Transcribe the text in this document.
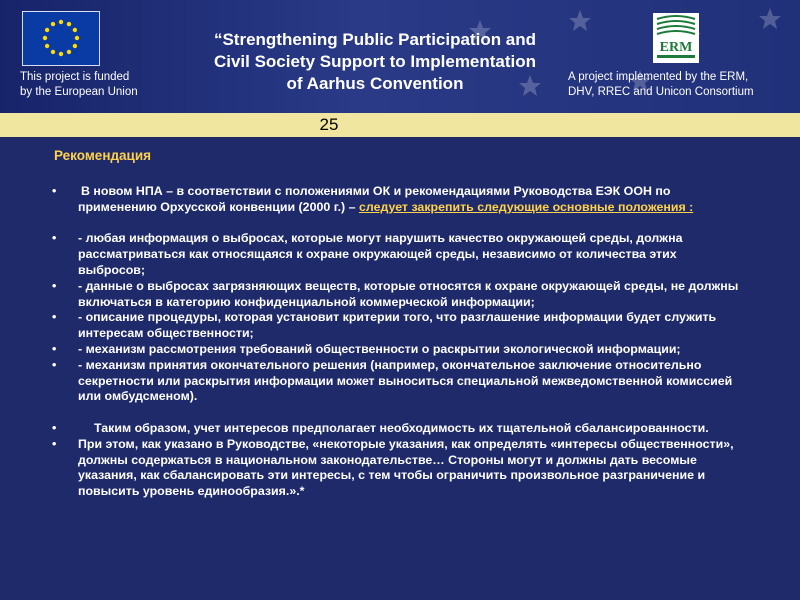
This project is funded
by the European Union
“Strengthening Public Participation and
Civil Society Support to Implementation
of Aarhus Convention
ERM
A project implemented by the ERM,
DHV, RREC and Unicon Consortium
25
Рекомендация
•	В новом НПА – в соответствии с положениями ОК и рекомендациями Руководства ЕЭК ООН по применению Орхусской конвенции (2000 г.) – следует закрепить следующие основные положения :
•	- любая информация о выбросах, которые могут нарушить качество окружающей среды, должна рассматриваться как относящаяся к охране окружающей среды, независимо от количества этих выбросов;
•	- данные о выбросах загрязняющих веществ, которые относятся к охране окружающей среды, не должны включаться в категорию конфиденциальной коммерческой информации;
•	- описание процедуры, которая установит критерии того, что разглашение информации будет служить интересам общественности;
•	- механизм рассмотрения требований общественности о раскрытии экологической информации;
•	- механизм принятия окончательного решения (например, окончательное заключение относительно секретности или раскрытия информации может выноситься специальной межведомственной комиссией или омбудсменом).
•	Таким образом, учет интересов предполагает необходимость их тщательной сбалансированности.
•	При этом, как указано в Руководстве, «некоторые указания, как определять «интересы общественности», должны содержаться в национальном законодательстве… Стороны могут и должны дать весомые указания, как сбалансировать эти интересы, с тем чтобы ограничить произвольное разграничение и повысить уровень единообразия.».*
